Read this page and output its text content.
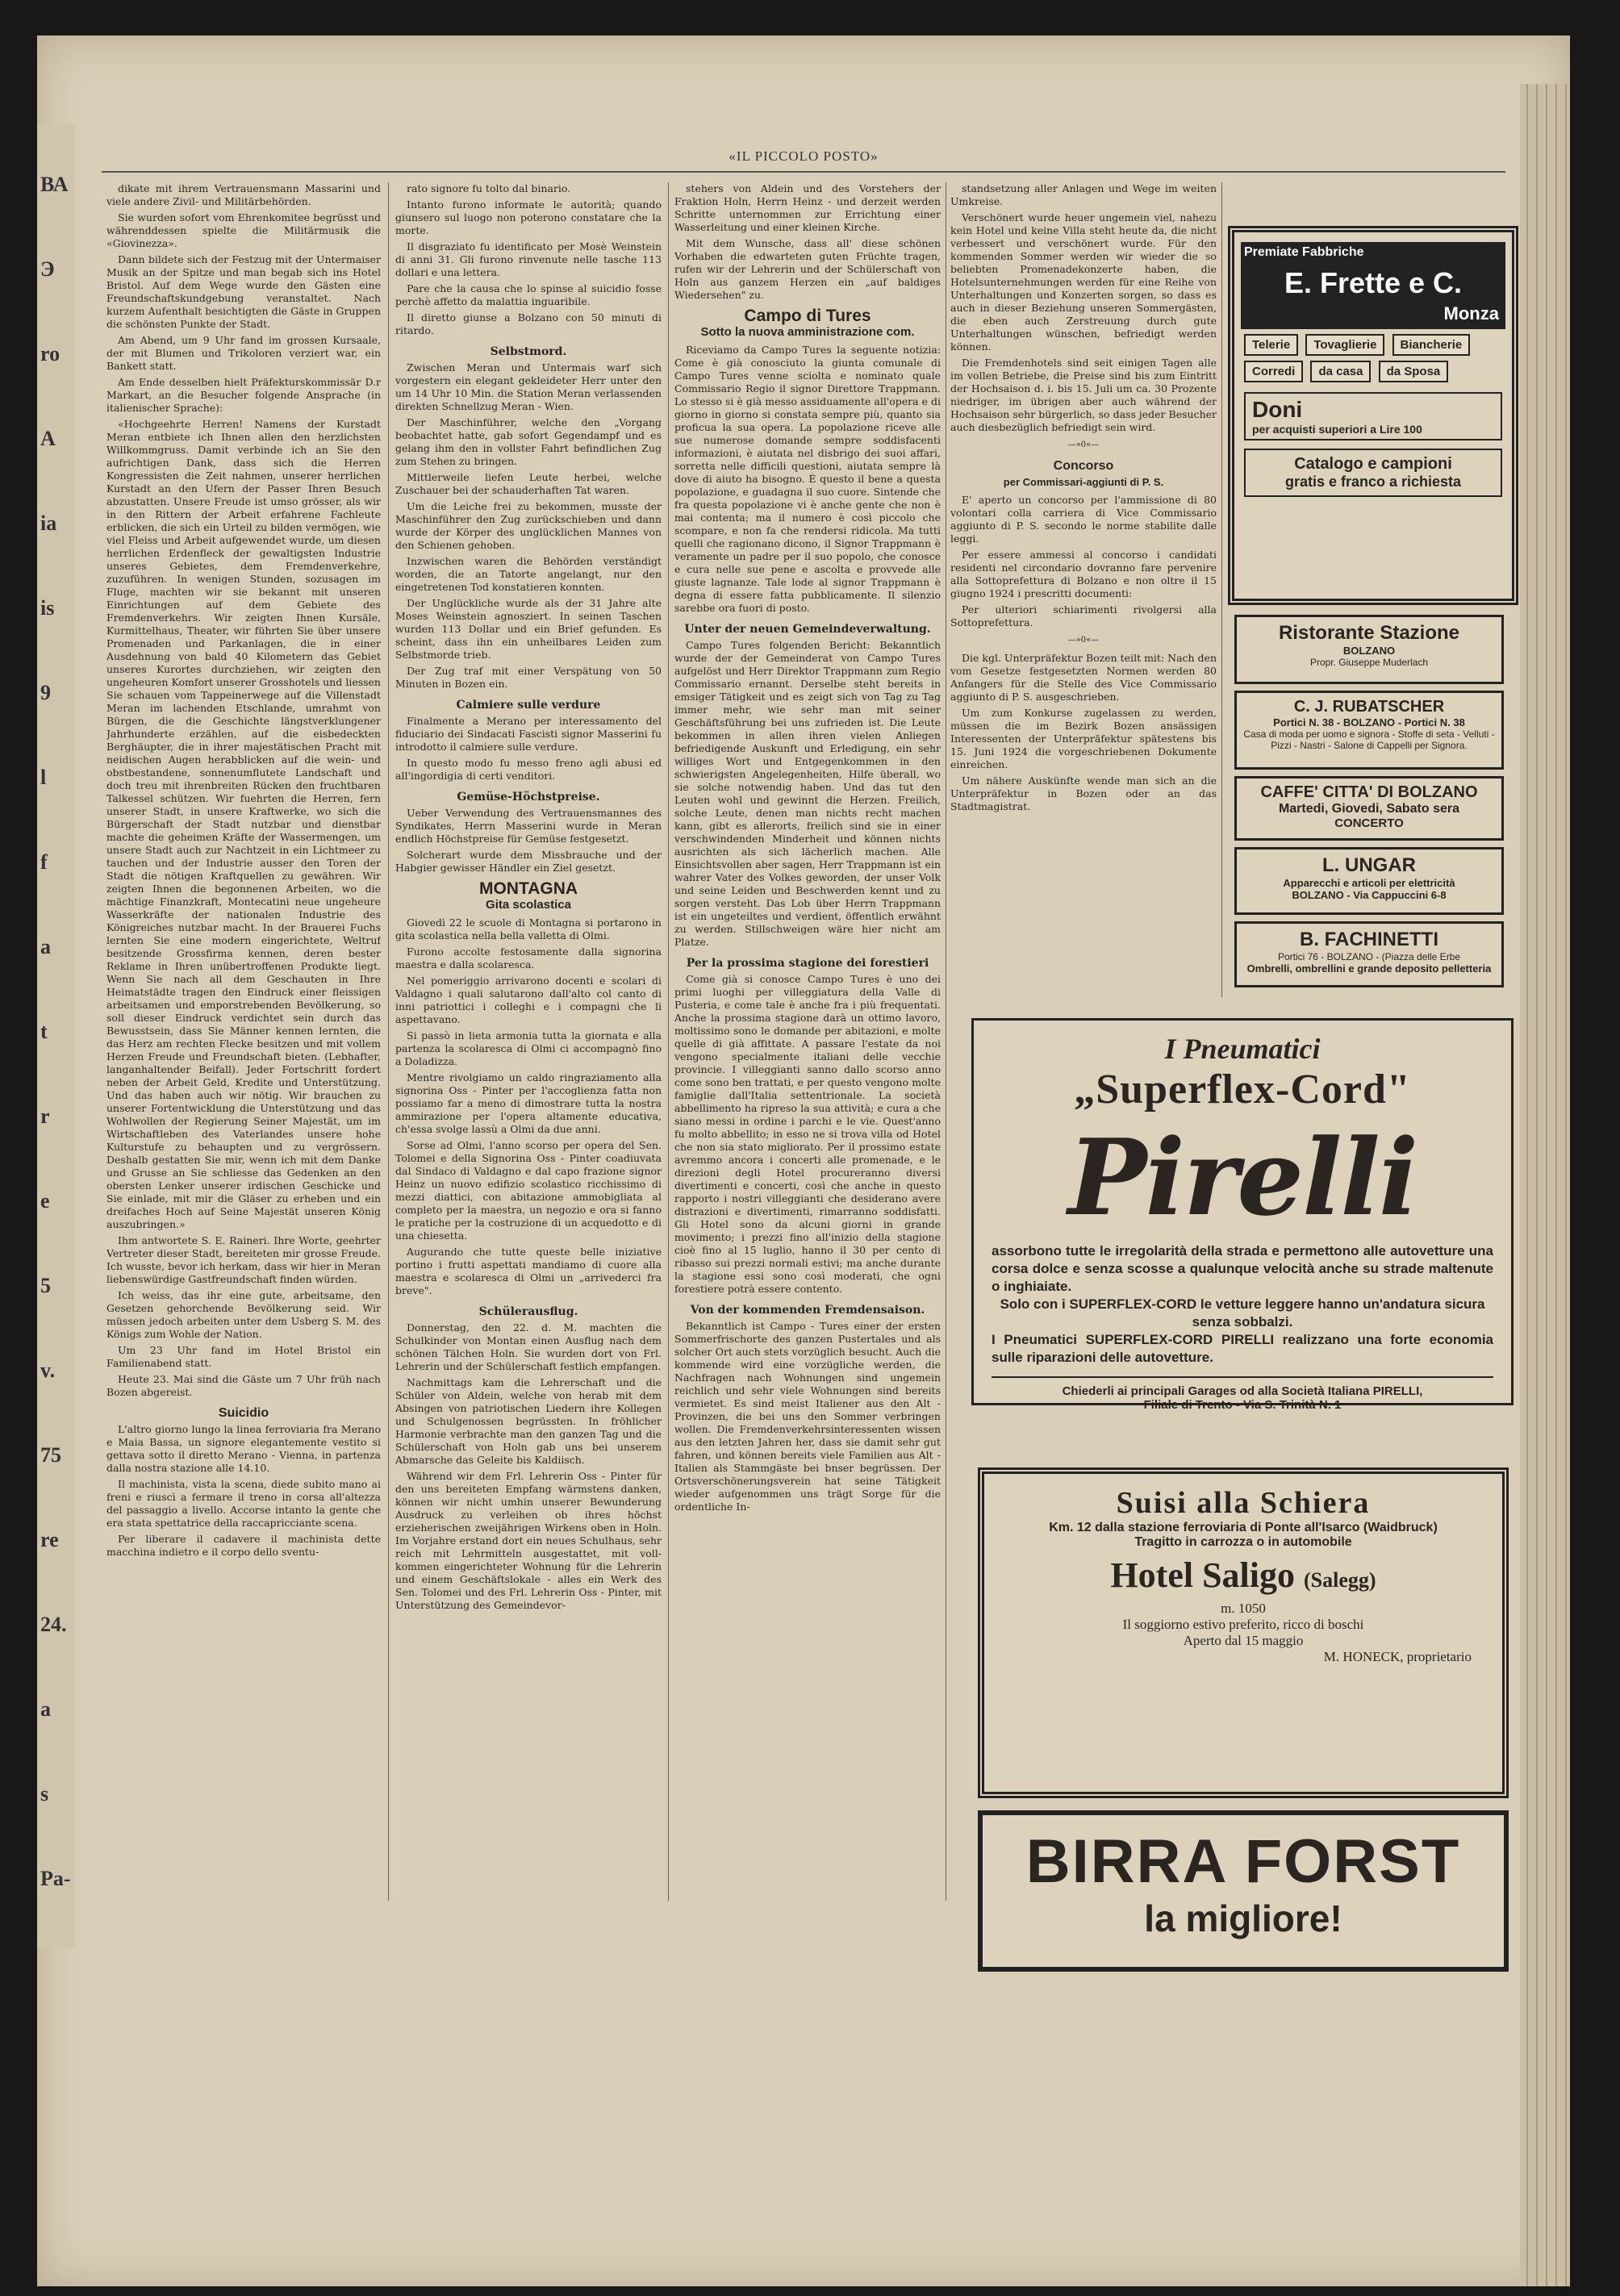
ВА
Э
ro
A
ia
is
9
l
f
a
t
r
e
5
v.
75
re
24.
a
s
Pa-
«IL PICCOLO POSTO»

dikate mit ihrem Vertrauensmann Massarini und viele andere Zivil- und Militärbehörden.

Sie wurden sofort vom Ehrenkomitee begrüsst und währenddessen spielte die Militärmusik die «Giovinezza».

Dann bildete sich der Festzug mit der Untermaiser Musik an der Spitze und man begab sich ins Hotel Bristol. Auf dem Wege wurde den Gästen eine Freundschaftskundgebung veranstaltet. Nach kurzem Aufenthalt besichtigten die Gäste in Gruppen die schönsten Punkte der Stadt.

Am Abend, um 9 Uhr fand im grossen Kursaale, der mit Blumen und Trikoloren verziert war, ein Bankett statt.

Am Ende desselben hielt Präfekturskommissär D.r Markart, an die Besucher folgende Ansprache (in italienischer Sprache):

«Hochgeehrte Herren! Namens der Kurstadt Meran entbiete ich Ihnen allen den herzlichsten Willkommgruss. Damit verbinde ich an Sie den aufrichtigen Dank, dass sich die Herren Kongressisten die Zeit nahmen, unserer herrlichen Kurstadt an den Ufern der Passer Ihren Besuch abzustatten. Unsere Freude ist umso grösser, als wir in den Rittern der Arbeit erfahrene Fachleute erblicken, die sich ein Urteil zu bilden vermögen, wie viel Fleiss und Arbeit aufgewendet wurde, um diesen herrlichen Erdenfleck der gewaltigsten Industrie unseres Gebietes, dem Fremdenverkehre, zuzuführen. In wenigen Stunden, sozusagen im Fluge, machten wir sie bekannt mit unseren Einrichtungen auf dem Gebiete des Fremdenverkehrs. Wir zeigten Ihnen Kursäle, Kurmittelhaus, Theater, wir führten Sie über unsere Promenaden und Parkanlagen, die in einer Ausdehnung von bald 40 Kilometern das Gebiet unseres Kurortes durchziehen, wir zeigten den ungeheuren Komfort unserer Grosshotels und liessen Sie schauen vom Tappeinerwege auf die Villenstadt Meran im lachenden Etschlande, umrahmt von Bürgen, die die Geschichte längstverklungener Jahrhunderte erzählen, auf die eisbedeckten Berghäupter, die in ihrer majestätischen Pracht mit neidischen Augen herabblicken auf die wein- und obstbestandene, sonnenumflutete Landschaft und doch treu mit ihrenbreiten Rücken den fruchtbaren Talkessel schützen. Wir fuehrten die Herren, fern unserer Stadt, in unsere Kraftwerke, wo sich die Bürgerschaft der Stadt nutzbar und dienstbar machte die geheimen Kräfte der Wassermengen, um unsere Stadt auch zur Nachtzeit in ein Lichtmeer zu tauchen und der Industrie ausser den Toren der Stadt die nötigen Kraftquellen zu gewähren. Wir zeigten Ihnen die begonnenen Arbeiten, wo die mächtige Finanzkraft, Montecatini neue ungeheure Wasserkräfte der nationalen Industrie des Königreiches nutzbar macht. In der Brauerei Fuchs lernten Sie eine modern eingerichtete, Weltruf besitzende Grossfirma kennen, deren bester Reklame in Ihren unübertroffenen Produkte liegt. Wenn Sie nach all dem Geschauten in Ihre Heimatstädte tragen den Eindruck einer fleissigen arbeitsamen und emporstrebenden Bevölkerung, so soll dieser Eindruck verdichtet sein durch das Bewusstsein, dass Sie Männer kennen lernten, die das Herz am rechten Flecke besitzen und mit vollem Herzen Freude und Freundschaft bieten. (Lebhafter, langanhaltender Beifall). Jeder Fortschritt fordert neben der Arbeit Geld, Kredite und Unterstützung. Und das haben auch wir nötig. Wir brauchen zu unserer Fortentwicklung die Unterstützung und das Wohlwollen der Regierung Seiner Majestät, um im Wirtschaftleben des Vaterlandes unsere hohe Kulturstufe zu behaupten und zu vergrössern. Deshalb gestatten Sie mir, wenn ich mit dem Danke und Grusse an Sie schliesse das Gedenken an den obersten Lenker unserer irdischen Geschicke und Sie einlade, mit mir die Gläser zu erheben und ein dreifaches Hoch auf Seine Majestät unseren König auszubringen.»

Ihm antwortete S. E. Raineri. Ihre Worte, geehrter Vertreter dieser Stadt, bereiteten mir grosse Freude. Ich wusste, bevor ich herkam, dass wir hier in Meran liebenswürdige Gastfreundschaft finden würden.

Ich weiss, das ihr eine gute, arbeitsame, den Gesetzen gehorchende Bevölkerung seid. Wir müssen jedoch arbeiten unter dem Usberg S. M. des Königs zum Wohle der Nation.

Um 23 Uhr fand im Hotel Bristol ein Familienabend statt.

Heute 23. Mai sind die Gäste um 7 Uhr früh nach Bozen abgereist.

Suicidio

L'altro giorno lungo la linea ferroviaria fra Merano e Maia Bassa, un signore elegantemente vestito si gettava sotto il diretto Merano - Vienna, in partenza dalla nostra stazione alle 14.10.

Il machinista, vista la scena, diede subito mano ai freni e riuscì a fermare il treno in corsa all'altezza del passaggio a livello. Accorse intanto la gente che era stata spettatrice della raccapricciante scena.

Per liberare il cadavere il machinista dette macchina indietro e il corpo dello sventu-

rato signore fu tolto dal binario.

Intanto furono informate le autorità; quando giunsero sul luogo non poterono constatare che la morte.

Il disgraziato fu identificato per Mosè Weinstein di anni 31. Gli furono rinvenute nelle tasche 113 dollari e una lettera.

Pare che la causa che lo spinse al suicidio fosse perchè affetto da malattia inguaribile.

Il diretto giunse a Bolzano con 50 minuti di ritardo.

Selbstmord.

Zwischen Meran und Untermais warf sich vorgestern ein elegant gekleideter Herr unter den um 14 Uhr 10 Min. die Station Meran verlassenden direkten Schnellzug Meran - Wien.

Der Maschinführer, welche den „Vorgang beobachtet hatte, gab sofort Gegendampf und es gelang ihm den in vollster Fahrt befindlichen Zug zum Stehen zu bringen.

Mittlerweile liefen Leute herbei, welche Zuschauer bei der schauderhaften Tat waren.

Um die Leiche frei zu bekommen, musste der Maschinführer den Zug zurückschieben und dann wurde der Körper des unglücklichen Mannes von den Schienen gehoben.

Inzwischen waren die Behörden verständigt worden, die an Tatorte angelangt, nur den eingetretenen Tod konstatieren konnten.

Der Unglückliche wurde als der 31 Jahre alte Moses Weinstein agnosziert. In seinen Taschen wurden 113 Dollar und ein Brief gefunden. Es scheint, dass ihn ein unheilbares Leiden zum Selbstmorde trieb.

Der Zug traf mit einer Verspätung von 50 Minuten in Bozen ein.

Calmiere sulle verdure

Finalmente a Merano per interessamento del fiduciario dei Sindacati Fascisti signor Masserini fu introdotto il calmiere sulle verdure.

In questo modo fu messo freno agli abusi ed all'ingordigia di certi venditori.

Gemüse-Höchstpreise.

Ueber Verwendung des Vertrauensmannes des Syndikates, Herrn Masserini wurde in Meran endlich Höchstpreise für Gemüse festgesetzt.

Solcherart wurde dem Missbrauche und der Habgier gewisser Händler ein Ziel gesetzt.

MONTAGNA
Gita scolastica

Giovedì 22 le scuole di Montagna si portarono in gita scolastica nella bella valletta di Olmi.

Furono accolte festosamente dalla signorina maestra e dalla scolaresca.

Nel pomeriggio arrivarono docenti e scolari di Valdagno i quali salutarono dall'alto col canto di inni patriottici i colleghi e i compagni che li aspettavano.

Si passò in lieta armonia tutta la giornata e alla partenza la scolaresca di Olmi ci accompagnò fino a Doladizza.

Mentre rivolgiamo un caldo ringraziamento alla signorina Oss - Pinter per l'accoglienza fatta non possiamo far a meno di dimostrare tutta la nostra ammirazione per l'opera altamente educativa, ch'essa svolge lassù a Olmi da due anni.

Sorse ad Olmi, l'anno scorso per opera del Sen. Tolomei e della Signorina Oss - Pinter coadiuvata dal Sindaco di Valdagno e dal capo frazione signor Heinz un nuovo edifizio scolastico ricchissimo di mezzi diattici, con abitazione ammobigliata al completo per la maestra, un negozio e ora si fanno le pratiche per la costruzione di un acquedotto e di una chiesetta.

Augurando che tutte queste belle iniziative portino i frutti aspettati mandiamo di cuore alla maestra e scolaresca di Olmi un „arrivederci fra breve".

Schülerausflug.

Donnerstag, den 22. d. M. machten die Schulkinder von Montan einen Ausflug nach dem schönen Tälchen Holn. Sie wurden dort von Frl. Lehrerin und der Schülerschaft festlich empfangen.

Nachmittags kam die Lehrerschaft und die Schüler von Aldein, welche von herab mit dem Absingen von patriotischen Liedern ihre Kollegen und Schulgenossen begrüssten. In fröhlicher Harmonie verbrachte man den ganzen Tag und die Schülerschaft von Holn gab uns bei unserem Abmarsche das Geleite bis Kaldiisch.

Während wir dem Frl. Lehrerin Oss - Pinter für den uns bereiteten Empfang wärmstens danken, können wir nicht umhin unserer Bewunderung Ausdruck zu verleihen ob ihres höchst erzieherischen zweijährigen Wirkens oben in Holn. Im Vorjahre erstand dort ein neues Schulhaus, sehr reich mit Lehrmitteln ausgestattet, mit voll-kommen eingerichteter Wohnung für die Lehrerin und einem Geschäftslokale - alles ein Werk des Sen. Tolomei und des Frl. Lehrerin Oss - Pinter, mit Unterstützung des Gemeindevor-

stehers von Aldein und des Vorstehers der Fraktion Holn, Herrn Heinz - und derzeit werden Schritte unternommen zur Errichtung einer Wasserleitung und einer kleinen Kirche.

Mit dem Wunsche, dass all' diese schönen Vorhaben die edwarteten guten Früchte tragen, rufen wir der Lehrerin und der Schülerschaft von Holn aus ganzem Herzen ein „auf baldiges Wiedersehen" zu.

Campo di Tures
Sotto la nuova amministrazione com.

Riceviamo da Campo Tures la seguente notizia: Come è già conosciuto la giunta comunale di Campo Tures venne sciolta e nominato quale Commissario Regio il signor Direttore Trappmann. Lo stesso si è già messo assiduamente all'opera e di giorno in giorno si constata sempre più, quanto sia proficua la sua opera. La popolazione riceve alle sue numerose domande sempre soddisfacenti informazioni, è aiutata nel disbrigo dei suoi affari, sorretta nelle difficili questioni, aiutata sempre là dove di aiuto ha bisogno. È questo il bene a questa popolazione, e guadagna il suo cuore. Sintende che fra questa popolazione vi è anche gente che non è mai contenta; ma il numero è così piccolo che scompare, e non fa che rendersi ridicola. Ma tutti quelli che ragionano dicono, il Signor Trappmann è veramente un padre per il suo popolo, che conosce e cura nelle sue pene e ascolta e provvede alle giuste lagnanze. Tale lode al signor Trappmann è degna di essere fatta pubblicamente. Il silenzio sarebbe ora fuori di posto.

Unter der neuen Gemeindeverwaltung.

Campo Tures folgenden Bericht: Bekanntlich wurde der der Gemeinderat von Campo Tures aufgelöst und Herr Direktor Trappmann zum Regio Commissario ernannt. Derselbe steht bereits in emsiger Tätigkeit und es zeigt sich von Tag zu Tag immer mehr, wie sehr man mit seiner Geschäftsführung bei uns zufrieden ist. Die Leute bekommen in allen ihren vielen Anliegen befriedigende Auskunft und Erledigung, ein sehr williges Wort und Entgegenkommen in den schwierigsten Angelegenheiten, Hilfe überall, wo sie solche notwendig haben. Und das tut den Leuten wohl und gewinnt die Herzen. Freilich, solche Leute, denen man nichts recht machen kann, gibt es allerorts, freilich sind sie in einer verschwindenden Minderheit und können nichts ausrichten als sich lächerlich machen. Alle Einsichtsvollen aber sagen, Herr Trappmann ist ein wahrer Vater des Volkes geworden, der unser Volk und seine Leiden und Beschwerden kennt und zu sorgen versteht. Das Lob über Herrn Trappmann ist ein ungeteiltes und verdient, öffentlich erwähnt zu werden. Stillschweigen wäre hier nicht am Platze.

Per la prossima stagione dei forestieri

Come già si conosce Campo Tures è uno dei primi luoghi per villeggiatura della Valle di Pusteria, e come tale è anche fra i più frequentati. Anche la prossima stagione darà un ottimo lavoro, moltissimo sono le domande per abitazioni, e molte quelle di già affittate. A passare l'estate da noi vengono specialmente italiani delle vecchie provincie. I villeggianti sanno dallo scorso anno come sono ben trattati, e per questo vengono molte famiglie dall'Italia settentrionale. La società abbellimento ha ripreso la sua attività; e cura a che siano messi in ordine i parchi e le vie. Quest'anno fu molto abbellito; in esso ne si trova villa od Hotel che non sia stato migliorato. Per il prossimo estate avremmo ancora i concerti alle promenade, e le direzioni degli Hotel procureranno diversi divertimenti e concerti, così che anche in questo rapporto i nostri villeggianti che desiderano avere distrazioni e divertimenti, rimarranno soddisfatti. Gli Hotel sono da alcuni giorni in grande movimento; i prezzi fino all'inizio della stagione cioè fino al 15 luglio, hanno il 30 per cento di ribasso sui prezzi normali estivi; ma anche durante la stagione essi sono così moderati, che ogni forestiere potrà essere contento.

Von der kommenden Fremdensaison.

Bekanntlich ist Campo - Tures einer der ersten Sommerfrischorte des ganzen Pustertales und als solcher Ort auch stets vorzüglich besucht. Auch die kommende wird eine vorzügliche werden, die Nachfragen nach Wohnungen sind ungemein reichlich und sehr viele Wohnungen sind bereits vermietet. Es sind meist Italiener aus den Alt - Provinzen, die bei uns den Sommer verbringen wollen. Die Fremdenverkehrsinteressenten wissen aus den letzten Jahren her, dass sie damit sehr gut fahren, und können bereits viele Familien aus Alt - Italien als Stammgäste bei bnser begrüssen. Der Ortsverschönerungsverein hat seine Tätigkeit wieder aufgenommen uns trägt Sorge für die ordentliche In-

standsetzung aller Anlagen und Wege im weiten Umkreise.

Verschönert wurde heuer ungemein viel, nahezu kein Hotel und keine Villa steht heute da, die nicht verbessert und verschönert wurde. Für den kommenden Sommer werden wir wieder die so beliebten Promenadekonzerte haben, die Hotelsunternehmungen werden für eine Reihe von Unterhaltungen und Konzerten sorgen, so dass es auch in dieser Beziehung unseren Sommergästen, die eben auch Zerstreuung durch gute Unterhaltungen wünschen, befriedigt werden können.

Die Fremdenhotels sind seit einigen Tagen alle im vollen Betriebe, die Preise sind bis zum Eintritt der Hochsaison d. i. bis 15. Juli um ca. 30 Prozente niedriger, im übrigen aber auch während der Hochsaison sehr bürgerlich, so dass jeder Besucher auch diesbezüglich befriedigt sein wird.

—»0«—
Concorso
per Commissari-aggiunti di P. S.

E' aperto un concorso per l'ammissione di 80 volontari colla carriera di Vice Commissario aggiunto di P. S. secondo le norme stabilite dalle leggi.

Per essere ammessi al concorso i candidati residenti nel circondario dovranno fare pervenire alla Sottoprefettura di Bolzano e non oltre il 15 giugno 1924 i prescritti documenti:

Per ulteriori schiarimenti rivolgersi alla Sottoprefettura.

—»0«—

Die kgl. Unterpräfektur Bozen teilt mit: Nach den vom Gesetze festgesetzten Normen werden 80 Anfangers für die Stelle des Vice Commissario aggiunto di P. S. ausgeschrieben.

Um zum Konkurse zugelassen zu werden, müssen die im Bezirk Bozen ansässigen Interessenten der Unterpräfektur spätestens bis 15. Juni 1924 die vorgeschriebenen Dokumente einreichen.

Um nähere Auskünfte wende man sich an die Unterpräfektur in Bozen oder an das Stadtmagistrat.

Premiate Fabbriche
E. Frette e C.
Monza
Telerie Tovaglierie Biancherie Corredi da casa da Sposa
Doni
per acquisti superiori a Lire 100
Catalogo e campioni
gratis e franco a richiesta
Ristorante Stazione
BOLZANO
Propr. Giuseppe Muderlach
C. J. RUBATSCHER
Portici N. 38 - BOLZANO - Portici N. 38
Casa di moda per uomo e signora - Stoffe di seta - Velluti - Pizzi - Nastri - Salone di Cappelli per Signora.
CAFFE' CITTA' DI BOLZANO
Martedi, Giovedi, Sabato sera
CONCERTO
L. UNGAR
Apparecchi e articoli per elettricità
BOLZANO - Via Cappuccini 6-8
B. FACHINETTI
Portici 76 - BOLZANO - (Piazza delle Erbe
Ombrelli, ombrellini e grande deposito pelletteria
I Pneumatici
„Superflex-Cord"
Pirelli
assorbono tutte le irregolarità della strada e permettono alle autovetture una corsa dolce e senza scosse a qualunque velocità anche su strade maltenute o inghiaiate.
Solo con i SUPERFLEX-CORD le vetture leggere hanno un'andatura sicura senza sobbalzi.
I Pneumatici SUPERFLEX-CORD PIRELLI realizzano una forte economia sulle riparazioni delle autovetture.
Chiederli ai principali Garages od alla Società Italiana PIRELLI,
Filiale di Trento - Via S. Trinità N. 1
Suisi alla Schiera
Km. 12 dalla stazione ferroviaria di Ponte all'Isarco (Waidbruck)
Tragitto in carrozza o in automobile
Hotel Saligo (Salegg)
m. 1050
Il soggiorno estivo preferito, ricco di boschi
Aperto dal 15 maggio
M. HONECK, proprietario
BIRRA FORST
la migliore!
